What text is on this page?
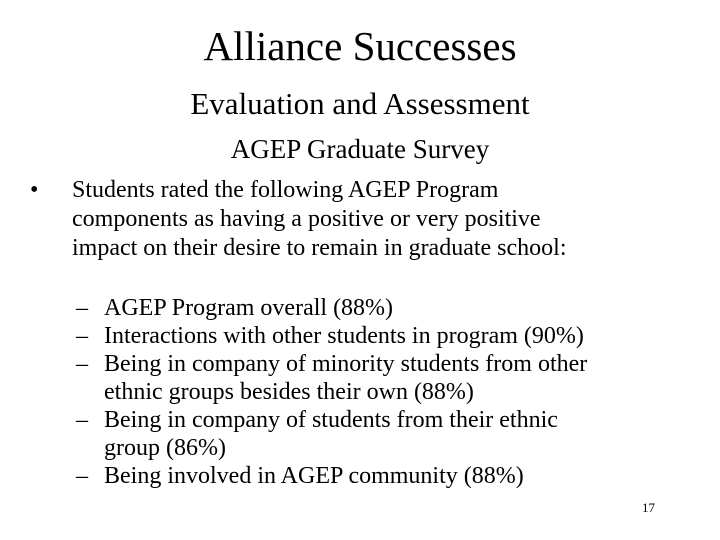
Alliance Successes
Evaluation and Assessment
AGEP Graduate Survey
• Students rated the following AGEP Program
components as having a positive or very positive
impact on their desire to remain in graduate school:
– AGEP Program overall (88%)
– Interactions with other students in program (90%)
– Being in company of minority students from other
ethnic groups besides their own (88%)
– Being in company of students from their ethnic
group (86%)
– Being involved in AGEP community (88%)
17
